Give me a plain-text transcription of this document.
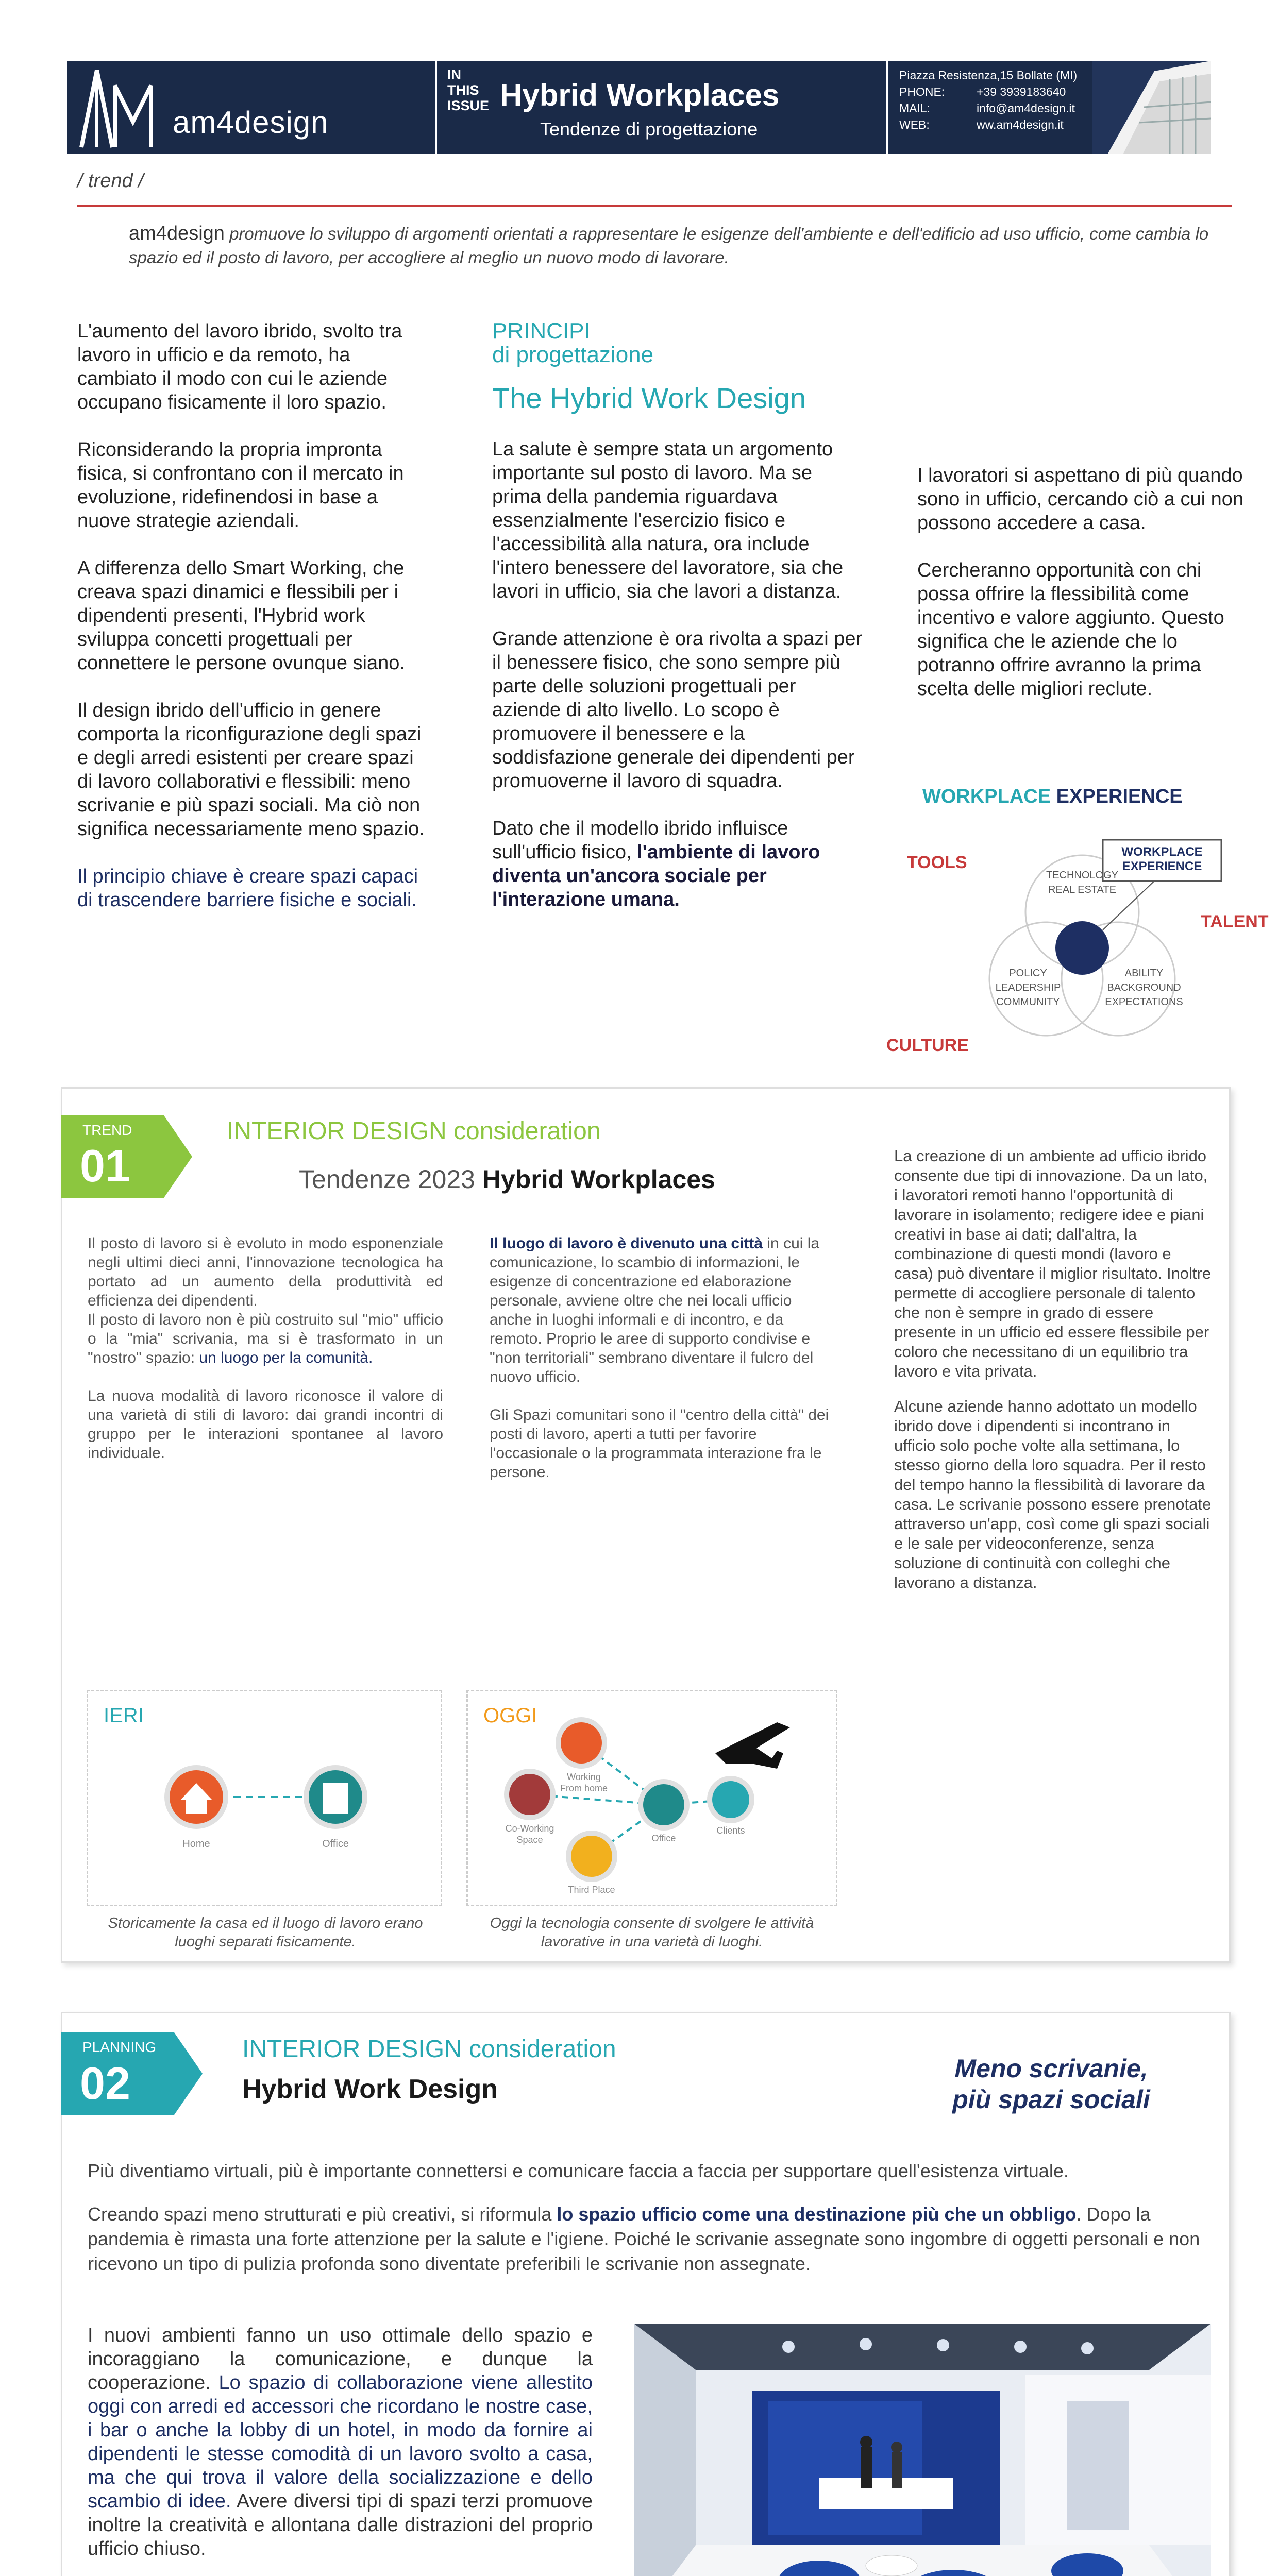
am4design
IN THIS ISSUE Hybrid Workplaces
Tendenze di progettazione
Piazza Resistenza,15 Bollate (MI)
PHONE:	+39 3939183640
MAIL:	info@am4design.it
WEB:	ww.am4design.it
/ trend /
am4design promuove lo sviluppo di argomenti orientati a rappresentare le esigenze dell'ambiente e dell'edificio ad uso ufficio, come cambia lo spazio ed il posto di lavoro, per accogliere al meglio un nuovo modo di lavorare.

L'aumento del lavoro ibrido, svolto tra lavoro in ufficio e da remoto, ha cambiato il modo con cui le aziende occupano fisicamente il loro spazio.

Riconsiderando la propria impronta fisica, si confrontano con il mercato in evoluzione, ridefinendosi in base a nuove strategie aziendali.

A differenza dello Smart Working, che creava spazi dinamici e flessibili per i dipendenti presenti, l'Hybrid work sviluppa concetti progettuali per connettere le persone ovunque siano.

Il design ibrido dell'ufficio in genere comporta la riconfigurazione degli spazi e degli arredi esistenti per creare spazi di lavoro collaborativi e flessibili: meno scrivanie e più spazi sociali. Ma ciò non significa necessariamente meno spazio.

Il principio chiave è creare spazi capaci di trascendere barriere fisiche e sociali.

PRINCIPI
di progettazione
The Hybrid Work Design

La salute è sempre stata un argomento importante sul posto di lavoro. Ma se prima della pandemia riguardava essenzialmente l'esercizio fisico e l'accessibilità alla natura, ora include l'intero benessere del lavoratore, sia che lavori in ufficio, sia che lavori a distanza.

Grande attenzione è ora rivolta a spazi per il benessere fisico, che sono sempre più parte delle soluzioni progettuali per aziende di alto livello. Lo scopo è promuovere il benessere e la soddisfazione generale dei dipendenti per promuoverne il lavoro di squadra.

Dato che il modello ibrido influisce sull'ufficio fisico, l'ambiente di lavoro diventa un'ancora sociale per l'interazione umana.

I lavoratori si aspettano di più quando sono in ufficio, cercando ciò a cui non possono accedere a casa.

Cercheranno opportunità con chi possa offrire la flessibilità come incentivo e valore aggiunto. Questo significa che le aziende che lo potranno offrire avranno la prima scelta delle migliori reclute.

WORKPLACE EXPERIENCE
WORKPLACE
EXPERIENCE
TOOLS
TALENT
CULTURE
TECHNOLOGY
REAL ESTATE
POLICY
LEADERSHIP
COMMUNITY
ABILITY
BACKGROUND
EXPECTATIONS
TREND
01
INTERIOR DESIGN consideration
Tendenze 2023 Hybrid Workplaces

Il posto di lavoro si è evoluto in modo esponenziale negli ultimi dieci anni, l'innovazione tecnologica ha portato ad un aumento della produttività ed efficienza dei dipendenti.

Il posto di lavoro non è più costruito sul "mio" ufficio o la "mia" scrivania, ma si è trasformato in un "nostro" spazio: un luogo per la comunità.

La nuova modalità di lavoro riconosce il valore di una varietà di stili di lavoro: dai grandi incontri di gruppo per le interazioni spontanee al lavoro individuale.

Il luogo di lavoro è divenuto una città in cui la comunicazione, lo scambio di informazioni, le esigenze di concentrazione ed elaborazione personale, avviene oltre che nei locali ufficio anche in luoghi informali e di incontro, e da remoto. Proprio le aree di supporto condivise e "non territoriali" sembrano diventare il fulcro del nuovo ufficio.

Gli Spazi comunitari sono il "centro della città" dei posti di lavoro, aperti a tutti per favorire l'occasionale o la programmata interazione fra le persone.

La creazione di un ambiente ad ufficio ibrido consente due tipi di innovazione. Da un lato, i lavoratori remoti hanno l'opportunità di lavorare in isolamento; redigere idee e piani creativi in base ai dati; dall'altra, la combinazione di questi mondi (lavoro e casa) può diventare il miglior risultato. Inoltre permette di accogliere personale di talento che non è sempre in grado di essere presente in un ufficio ed essere flessibile per coloro che necessitano di un equilibrio tra lavoro e vita privata.

Alcune aziende hanno adottato un modello ibrido dove i dipendenti si incontrano in ufficio solo poche volte alla settimana, lo stesso giorno della loro squadra. Per il resto del tempo hanno la flessibilità di lavorare da casa. Le scrivanie possono essere prenotate attraverso un'app, così come gli spazi sociali e le sale per videoconferenze, senza soluzione di continuità con colleghi che lavorano a distanza.

IERI
Home	Office
OGGI
Working
From home
Co-Working
Space	Office
Clients
Third Place
Storicamente la casa ed il luogo di lavoro erano luoghi separati fisicamente.
Oggi la tecnologia consente di svolgere le attività lavorative in una varietà di luoghi.
PLANNING
02
INTERIOR DESIGN consideration
Hybrid Work Design
Meno scrivanie,
più spazi sociali

Più diventiamo virtuali, più è importante connettersi e comunicare faccia a faccia per supportare quell'esistenza virtuale.

Creando spazi meno strutturati e più creativi, si riformula lo spazio ufficio come una destinazione più che un obbligo. Dopo la pandemia è rimasta una forte attenzione per la salute e l'igiene. Poiché le scrivanie assegnate sono ingombre di oggetti personali e non ricevono un tipo di pulizia profonda sono diventate preferibili le scrivanie non assegnate.

I nuovi ambienti fanno un uso ottimale dello spazio e incoraggiano la comunicazione, e dunque la cooperazione. Lo spazio di collaborazione viene allestito oggi con arredi ed accessori che ricordano le nostre case, i bar o anche la lobby di un hotel, in modo da fornire ai dipendenti le stesse comodità di un lavoro svolto a casa, ma che qui trova il valore della socializzazione e dello scambio di idee. Avere diversi tipi di spazi terzi promuove inoltre la creatività e allontana dalle distrazioni del proprio ufficio chiuso.
